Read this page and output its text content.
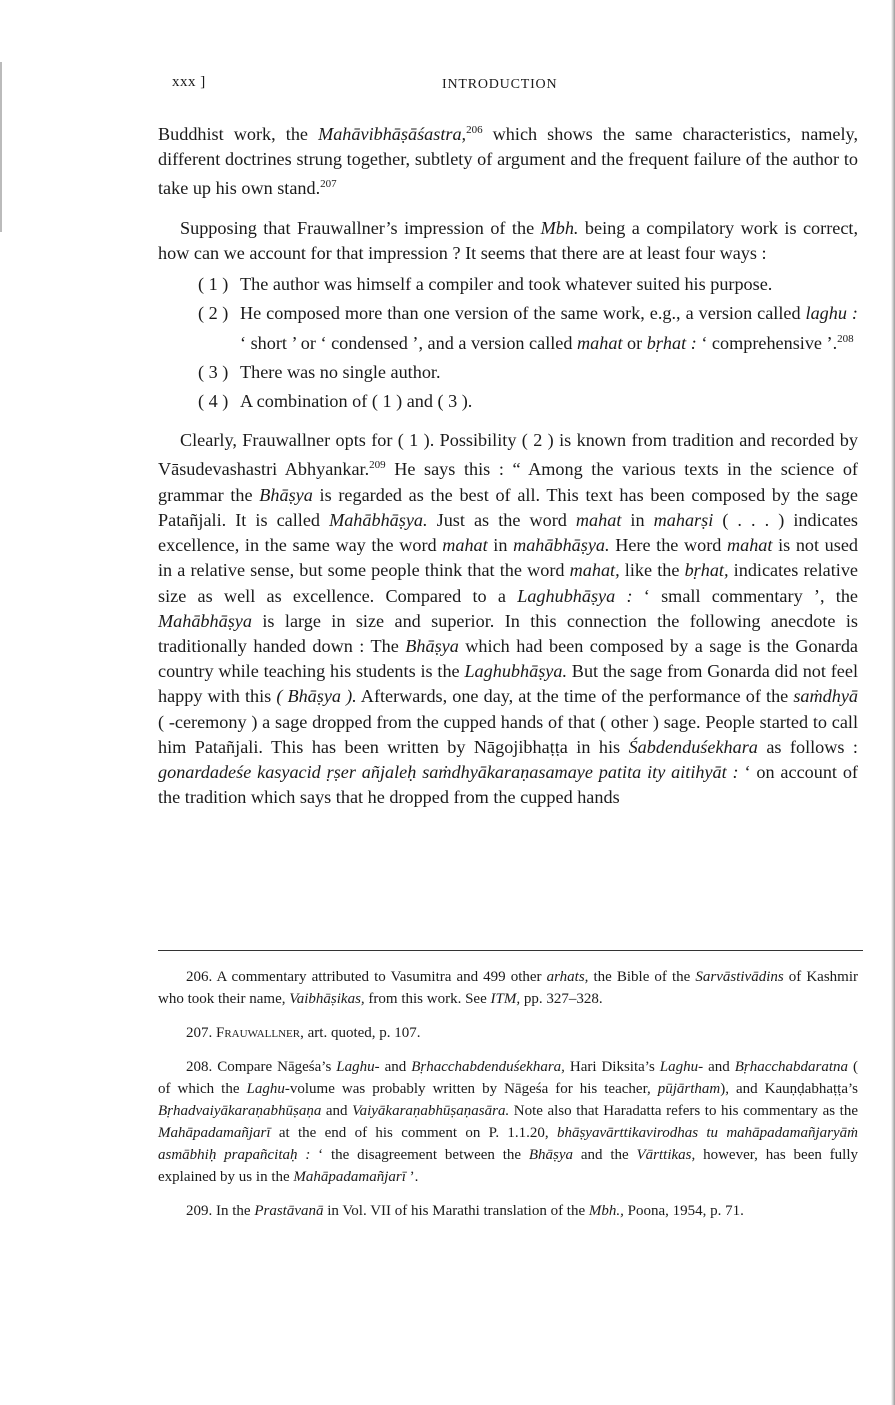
xxx ]	INTRODUCTION

Buddhist work, the Mahāvibhāṣāśastra,$^{206}$ which shows the same characteristics, namely, different doctrines strung together, subtlety of argument and the frequent failure of the author to take up his own stand.$^{207}$

Supposing that Frauwallner’s impression of the Mbh. being a compilatory work is correct, how can we account for that impression ? It seems that there are at least four ways :

( 1 ) The author was himself a compiler and took whatever suited his purpose.
( 2 ) He composed more than one version of the same work, e.g., a version called laghu : ‘ short ’ or ‘ condensed ’, and a version called mahat or bṛhat : ‘ comprehensive ’.$^{208}$
( 3 ) There was no single author.
( 4 ) A combination of ( 1 ) and ( 3 ).

Clearly, Frauwallner opts for ( 1 ). Possibility ( 2 ) is known from tradition and recorded by Vāsudevashastri Abhyankar.$^{209}$ He says this : “ Among the various texts in the science of grammar the Bhāṣya is regarded as the best of all. This text has been composed by the sage Patañjali. It is called Mahābhāṣya. Just as the word mahat in maharṣi ( . . . ) indicates excellence, in the same way the word mahat in mahābhāṣya. Here the word mahat is not used in a relative sense, but some people think that the word mahat, like the bṛhat, indicates relative size as well as excellence. Compared to a Laghubhāṣya : ‘ small commentary ’, the Mahābhāṣya is large in size and superior. In this connection the following anecdote is traditionally handed down : The Bhāṣya which had been composed by a sage is the Gonarda country while teaching his students is the Laghubhāṣya. But the sage from Gonarda did not feel happy with this ( Bhāṣya ). Afterwards, one day, at the time of the performance of the saṁdhyā ( -ceremony ) a sage dropped from the cupped hands of that ( other ) sage. People started to call him Patañjali. This has been written by Nāgojibhaṭṭa in his Śabdenduśekhara as follows : gonardadeśe kasyacid ṛṣer añjaleḥ saṁdhyākaraṇasamaye patita ity aitihyāt : ‘ on account of the tradition which says that he dropped from the cupped hands

206. A commentary attributed to Vasumitra and 499 other arhats, the Bible of the Sarvāstivādins of Kashmir who took their name, Vaibhāṣikas, from this work. See ITM, pp. 327–328.

207. Frauwallner, art. quoted, p. 107.

208. Compare Nāgeśa’s Laghu- and Bṛhacchabdenduśekhara, Hari Diksita’s Laghu- and Bṛhacchabdaratna ( of which the Laghu-volume was probably written by Nāgeśa for his teacher, pūjārtham), and Kauṇḍabhaṭṭa’s Bṛhadvaiyākaraṇabhūṣaṇa and Vaiyākaraṇabhūṣaṇasāra. Note also that Haradatta refers to his commentary as the Mahāpadamañjarī at the end of his comment on P. 1.1.20, bhāṣyavārttikavirodhas tu mahāpadamañjaryāṁ asmābhiḥ prapañcitaḥ : ‘ the disagreement between the Bhāṣya and the Vārttikas, however, has been fully explained by us in the Mahāpadamañjarī ’.

209. In the Prastāvanā in Vol. VII of his Marathi translation of the Mbh., Poona, 1954, p. 71.
